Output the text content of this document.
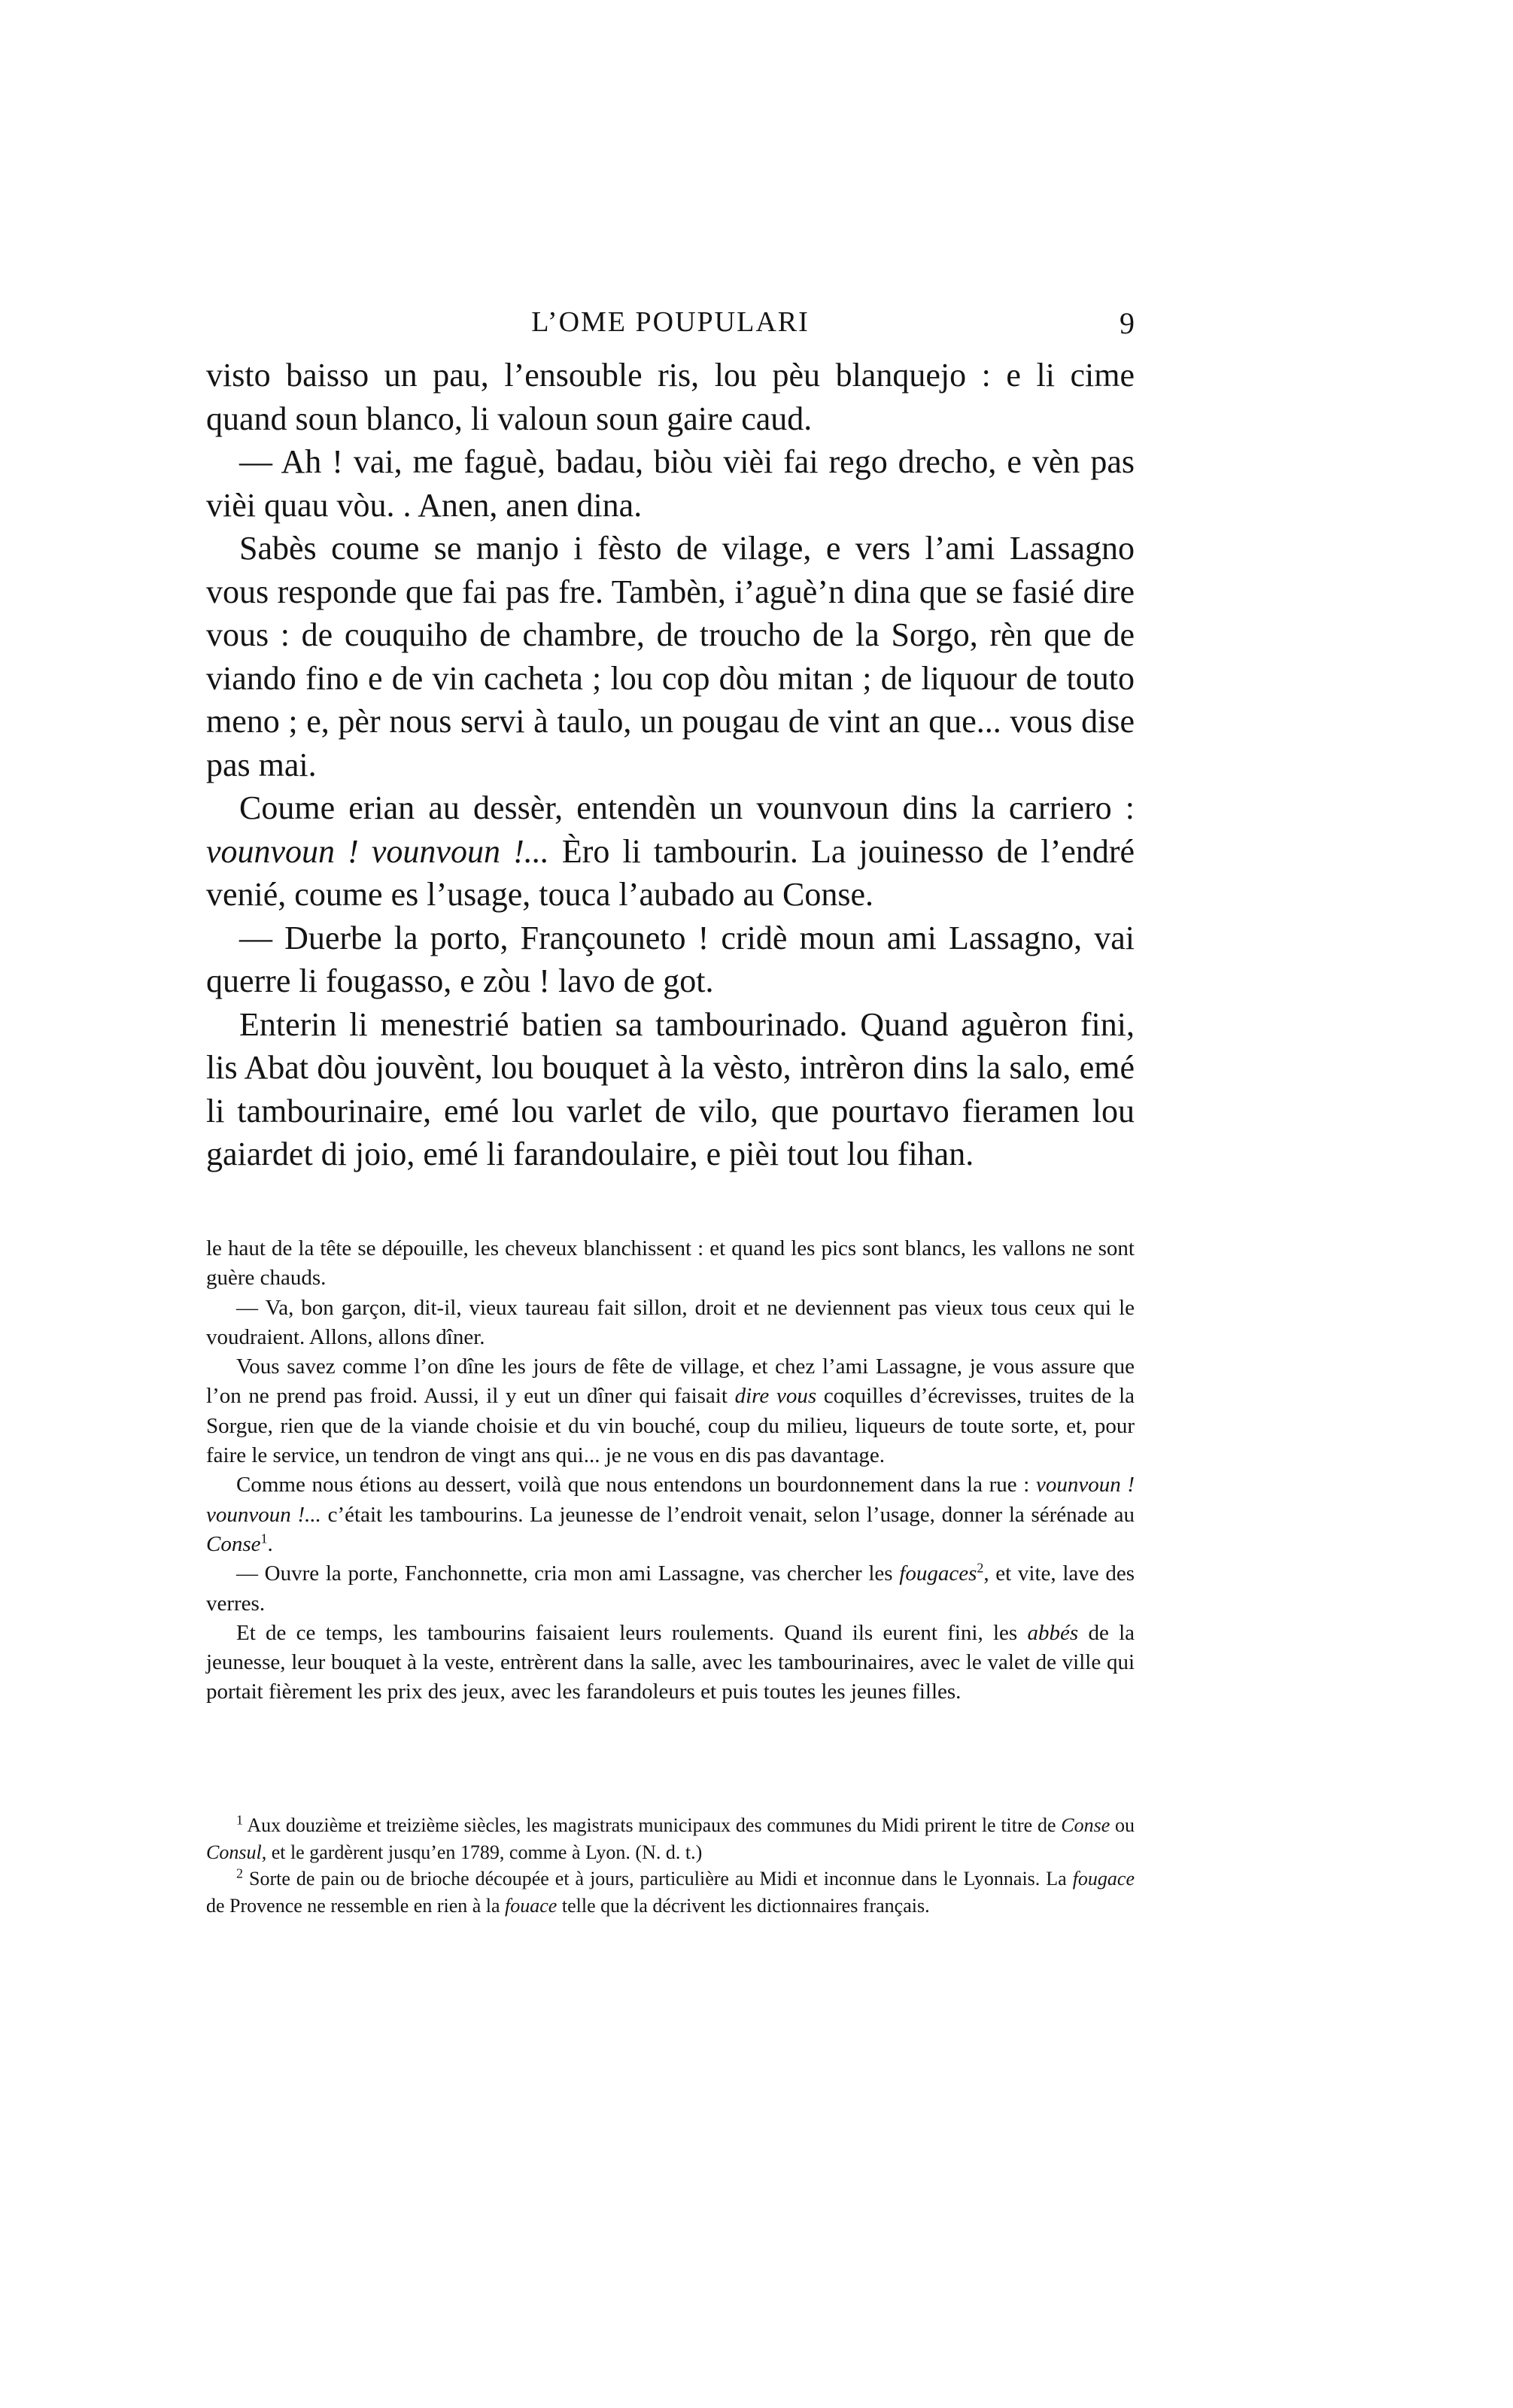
L’OME POUPULARI	9

visto baisso un pau, l’ensouble ris, lou pèu blanquejo : e li cime quand soun blanco, li valoun soun gaire caud.

— Ah ! vai, me faguè, badau, biòu vièi fai rego drecho, e vèn pas vièi quau vòu. . Anen, anen dina.

Sabès coume se manjo i fèsto de vilage, e vers l’ami Lassagno vous responde que fai pas fre. Tambèn, i’aguè’n dina que se fasié dire vous : de couquiho de chambre, de troucho de la Sorgo, rèn que de viando fino e de vin cacheta ; lou cop dòu mitan ; de liquour de touto meno ; e, pèr nous servi à taulo, un pougau de vint an que... vous dise pas mai.

Coume erian au dessèr, entendèn un vounvoun dins la carriero : vounvoun ! vounvoun !... Èro li tambourin. La jouinesso de l’endré venié, coume es l’usage, touca l’aubado au Conse.

— Duerbe la porto, Françouneto ! cridè moun ami Lassagno, vai querre li fougasso, e zòu ! lavo de got.

Enterin li menestrié batien sa tambourinado. Quand aguèron fini, lis Abat dòu jouvènt, lou bouquet à la vèsto, intrèron dins la salo, emé li tambourinaire, emé lou varlet de vilo, que pourtavo fieramen lou gaiardet di joio, emé li farandoulaire, e pièi tout lou fihan.

le haut de la tête se dépouille, les cheveux blanchissent : et quand les pics sont blancs, les vallons ne sont guère chauds.

— Va, bon garçon, dit-il, vieux taureau fait sillon, droit et ne deviennent pas vieux tous ceux qui le voudraient. Allons, allons dîner.

Vous savez comme l’on dîne les jours de fête de village, et chez l’ami Lassagne, je vous assure que l’on ne prend pas froid. Aussi, il y eut un dîner qui faisait dire vous coquilles d’écrevisses, truites de la Sorgue, rien que de la viande choisie et du vin bouché, coup du milieu, liqueurs de toute sorte, et, pour faire le service, un tendron de vingt ans qui... je ne vous en dis pas davantage.

Comme nous étions au dessert, voilà que nous entendons un bourdonnement dans la rue : vounvoun ! vounvoun !... c’était les tambourins. La jeunesse de l’endroit venait, selon l’usage, donner la sérénade au Conse$^1$.

— Ouvre la porte, Fanchonnette, cria mon ami Lassagne, vas chercher les fougaces$^2$, et vite, lave des verres.

Et de ce temps, les tambourins faisaient leurs roulements. Quand ils eurent fini, les abbés de la jeunesse, leur bouquet à la veste, entrèrent dans la salle, avec les tambourinaires, avec le valet de ville qui portait fièrement les prix des jeux, avec les farandoleurs et puis toutes les jeunes filles.

$^1$ Aux douzième et treizième siècles, les magistrats municipaux des communes du Midi prirent le titre de Conse ou Consul, et le gardèrent jusqu’en 1789, comme à Lyon. (N. d. t.)

$^2$ Sorte de pain ou de brioche découpée et à jours, particulière au Midi et inconnue dans le Lyonnais. La fougace de Provence ne ressemble en rien à la fouace telle que la décrivent les dictionnaires français.
